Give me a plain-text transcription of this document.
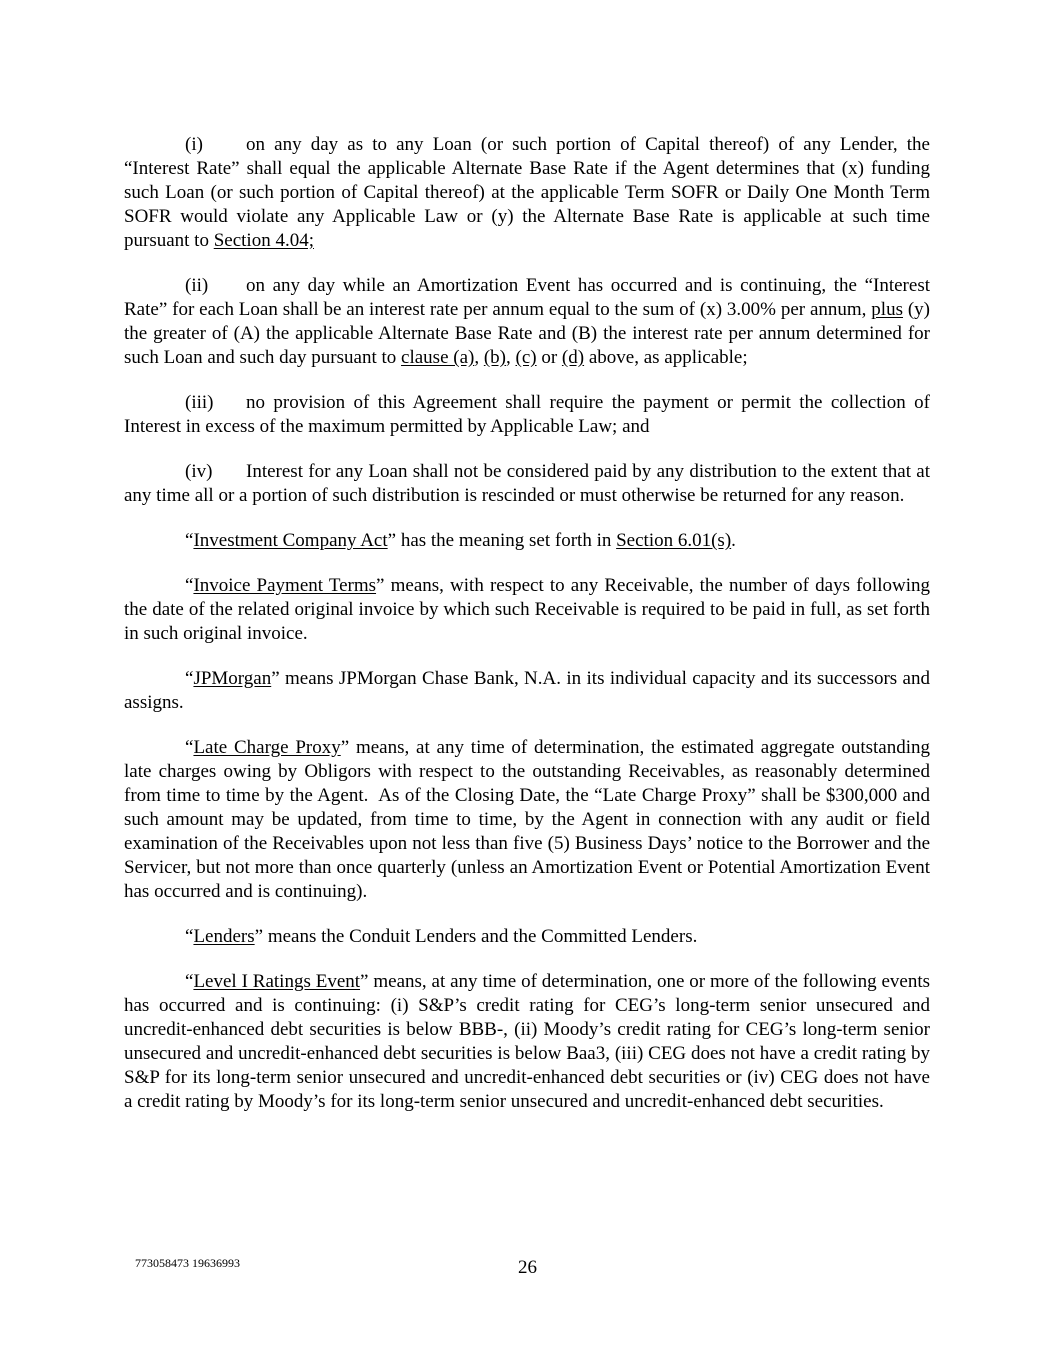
(i) on any day as to any Loan (or such portion of Capital thereof) of any Lender, the “Interest Rate” shall equal the applicable Alternate Base Rate if the Agent determines that (x) funding such Loan (or such portion of Capital thereof) at the applicable Term SOFR or Daily One Month Term SOFR would violate any Applicable Law or (y) the Alternate Base Rate is applicable at such time pursuant to Section 4.04;

(ii) on any day while an Amortization Event has occurred and is continuing, the “Interest Rate” for each Loan shall be an interest rate per annum equal to the sum of (x) 3.00% per annum, plus (y) the greater of (A) the applicable Alternate Base Rate and (B) the interest rate per annum determined for such Loan and such day pursuant to clause (a), (b), (c) or (d) above, as applicable;

(iii) no provision of this Agreement shall require the payment or permit the collection of Interest in excess of the maximum permitted by Applicable Law; and

(iv) Interest for any Loan shall not be considered paid by any distribution to the extent that at any time all or a portion of such distribution is rescinded or must otherwise be returned for any reason.

“Investment Company Act” has the meaning set forth in Section 6.01(s).

“Invoice Payment Terms” means, with respect to any Receivable, the number of days following the date of the related original invoice by which such Receivable is required to be paid in full, as set forth in such original invoice.

“JPMorgan” means JPMorgan Chase Bank, N.A. in its individual capacity and its successors and assigns.

“Late Charge Proxy” means, at any time of determination, the estimated aggregate outstanding late charges owing by Obligors with respect to the outstanding Receivables, as reasonably determined from time to time by the Agent.  As of the Closing Date, the “Late Charge Proxy” shall be $300,000 and such amount may be updated, from time to time, by the Agent in connection with any audit or field examination of the Receivables upon not less than five (5) Business Days’ notice to the Borrower and the Servicer, but not more than once quarterly (unless an Amortization Event or Potential Amortization Event has occurred and is continuing).

“Lenders” means the Conduit Lenders and the Committed Lenders.

“Level I Ratings Event” means, at any time of determination, one or more of the following events has occurred and is continuing: (i) S&P’s credit rating for CEG’s long-term senior unsecured and uncredit-enhanced debt securities is below BBB-, (ii) Moody’s credit rating for CEG’s long-term senior unsecured and uncredit-enhanced debt securities is below Baa3, (iii) CEG does not have a credit rating by S&P for its long-term senior unsecured and uncredit-enhanced debt securities or (iv) CEG does not have a credit rating by Moody’s for its long-term senior unsecured and uncredit-enhanced debt securities.

773058473 19636993	26
